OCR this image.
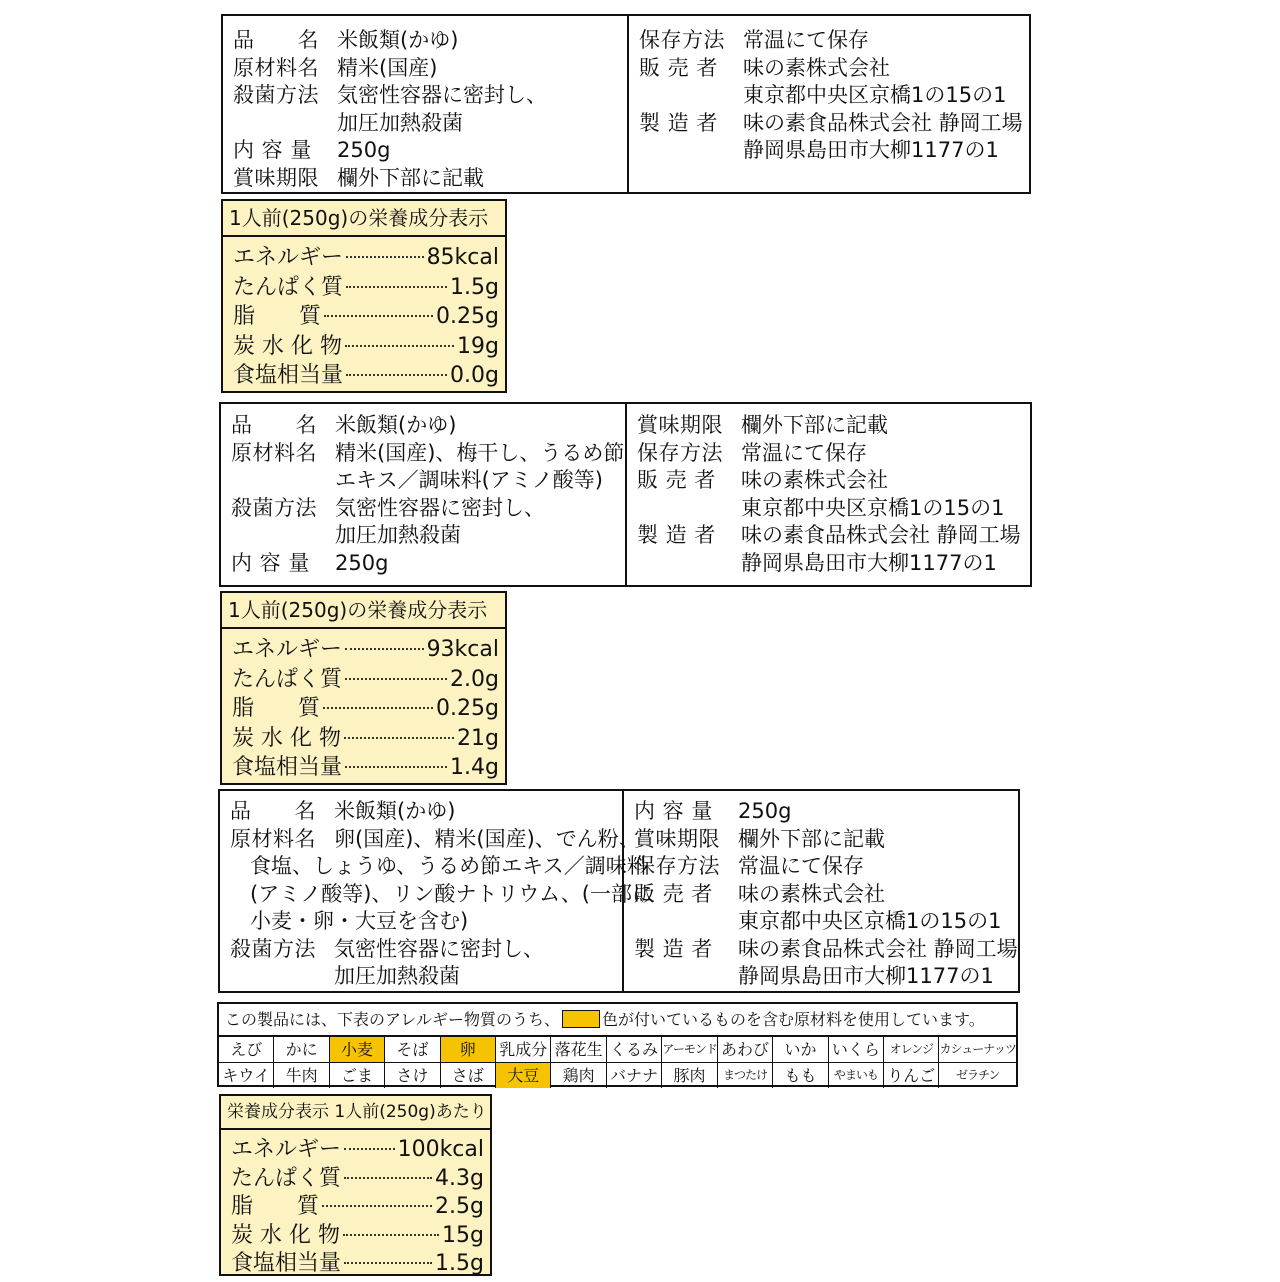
品　　名 米飯類(かゆ)
原材料名 精米(国産)
殺菌方法 気密性容器に密封し、
加圧加熱殺菌
内 容 量 250g
賞味期限 欄外下部に記載
保存方法 常温にて保存
販 売 者 味の素株式会社
東京都中央区京橋1の15の1
製 造 者 味の素食品株式会社 静岡工場
静岡県島田市大柳1177の1
1人前(250g)の栄養成分表示
エネルギー	85kcal
たんぱく質	1.5g
脂　　質	0.25g
炭 水 化 物	19g
食塩相当量	0.0g
品　　名 米飯類(かゆ)
原材料名 精米(国産)、梅干し、うるめ節
エキス／調味料(アミノ酸等)
殺菌方法 気密性容器に密封し、
加圧加熱殺菌
内 容 量 250g
賞味期限 欄外下部に記載
保存方法 常温にて保存
販 売 者 味の素株式会社
東京都中央区京橋1の15の1
製 造 者 味の素食品株式会社 静岡工場
静岡県島田市大柳1177の1
1人前(250g)の栄養成分表示
エネルギー	93kcal
たんぱく質	2.0g
脂　　質	0.25g
炭 水 化 物	21g
食塩相当量	1.4g
品　　名 米飯類(かゆ)
原材料名 卵(国産)、精米(国産)、でん粉、
食塩、しょうゆ、うるめ節エキス／調味料
(アミノ酸等)、リン酸ナトリウム、(一部に
小麦・卵・大豆を含む)
殺菌方法 気密性容器に密封し、
加圧加熱殺菌
内 容 量 250g
賞味期限 欄外下部に記載
保存方法 常温にて保存
販 売 者 味の素株式会社
東京都中央区京橋1の15の1
製 造 者 味の素食品株式会社 静岡工場
静岡県島田市大柳1177の1
この製品には、下表のアレルギー物質のうち、	色が付いているものを含む原材料を使用しています。
えび	かに	小麦	そば	卵	乳成分 落花生 くるみ アーモンド あわび いか いくら オレンジ カシューナッツ
キウイ 牛肉	ごま	さけ	さば	大豆	鶏肉 バナナ 豚肉	まつたけ	もも	やまいも りんご	ゼラチン
栄養成分表示 1人前(250g)あたり
エネルギー	100kcal
たんぱく質	4.3g
脂　　質	2.5g
炭 水 化 物	15g
食塩相当量	1.5g
